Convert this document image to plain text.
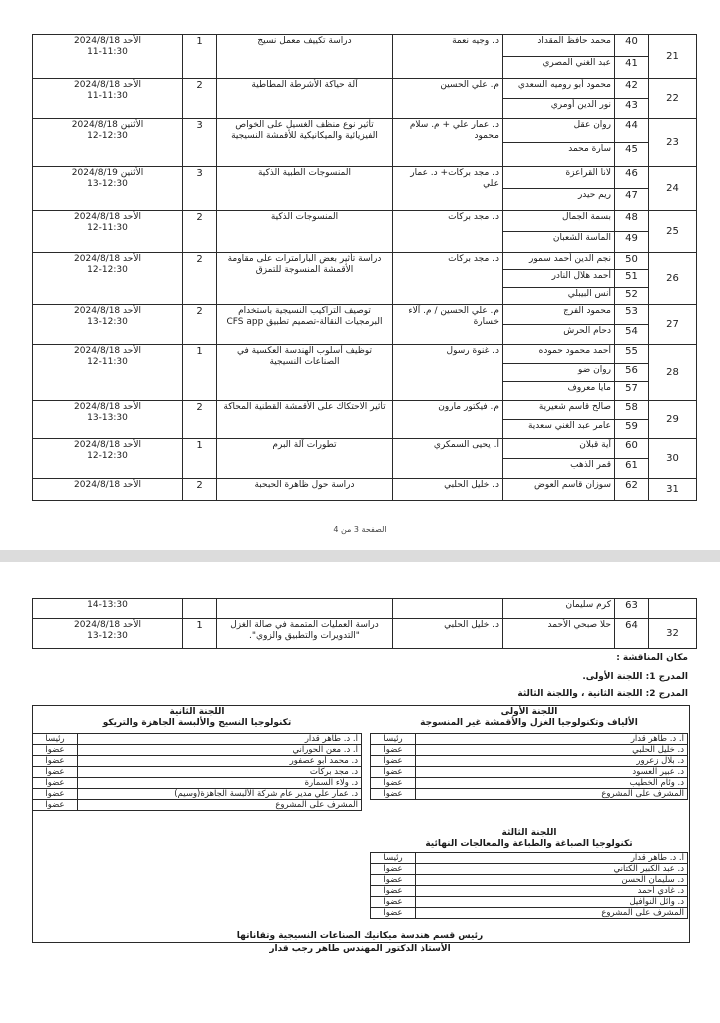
21	40	محمد حافظ المقداد	د. وجيه نعمة	دراسة تكييف معمل نسيج	1	الأحد 2024/8/18
11-11:30

	41	عبد الغني المصري				
22	42	محمود أبو روميه السعدي	م. علي الحسين	آلة حياكة الأشرطة المطاطية	2	الأحد 2024/8/18
11-11:30

	43	نور الدين أومري				
23	44	روان عقل	د. عمار علي + م. سلام محمود	تأثير نوع منظف الغسيل على الخواص الفيزيائية والميكانيكية للأقمشة النسيجية	3	الأثنين 2024/8/18
12-12:30

	45	سارة محمد				
24	46	لانا القراعزة	د. مجد بركات+ د. عمار علي	المنسوجات الطبية الذكية	3	الأثنين 2024/8/19
13-12:30

	47	ريم حيدر				
25	48	بسمة الجمال	د. مجد بركات	المنسوجات الذكية	2	الأحد 2024/8/18
12-11:30

	49	الماسة الشعبان				
26	50	نجم الدين أحمد سمور	د. مجد بركات	دراسة تأثير بعض البارامترات على مقاومة الأقمشة المنسوجة للتمزق	2	الأحد 2024/8/18
12-12:30

	51	أحمد هلال النادر				
	52	أنس البيبلي				
27	53	محمود الفرج	م. علي الحسين / م. آلاء خسارة	توصيف التراكيب النسيجية باستخدام البرمجيات النقالة-تصميم تطبيق CFS app	2	الأحد 2024/8/18
13-12:30

	54	دحام الحرش				
28	55	أحمد محمود حموده	د. غنوة رسول	توظيف أسلوب الهندسة العكسية في الصناعات النسيجية	1	الأحد 2024/8/18
12-11:30

	56	روان ضو				
	57	مايا معروف				
29	58	صالح قاسم شعيرية	م. فيكتور مارون	تأثير الاحتكاك على الأقمشة القطنية المحاكة	2	الأحد 2024/8/18
13-13:30

	59	عامر عبد الغني سعدية				
30	60	آية قبلان	أ. يحيى السمكري	تطورات آلة البرم	1	الأحد 2024/8/18
12-12:30

	61	قمر الذهب				
31	62	سوزان قاسم العوض	د. خليل الحلبي	دراسة حول ظاهرة الحبحبة	2	الأحد 2024/8/18
الصفحة 3 من 4
	63	كرم سليمان				14-13:30

32	64	حلا صبحي الأحمد	د. خليل الحلبي	دراسة العمليات المتممة في صالة الغزل "التدويرات والتطبيق والزوي".	1	الأحد 2024/8/18
13-12:30
مكان المناقشة :
المدرج 1: اللجنة الأولى.
المدرج 2: اللجنة الثانية ، واللجنة الثالثة
اللجنة الأولى
الألياف وتكنولوجيا الغزل والأقمشة غير المنسوجة
اللجنة الثانية
تكنولوجيا النسيج والألبسة الجاهزة والتريكو
أ. د. طاهر قدار	رئيساً
د. خليل الحلبي	عضواً
د. بلال زعرور	عضواً
د. عبير العسود	عضواً
د. وئام الخطيب	عضواً
المشرف على المشروع	عضواً
أ. د. طاهر قدار	رئيساً
أ. د. معن الحوراني	عضواً
د. محمد أبو عصفور	عضواً
د. مجد بركات	عضواً
د. ولاء السمارة	عضواً
د. عمار علي مدير عام شركة الألبسة الجاهزة(وسيم)	عضواً
المشرف على المشروع	عضواً
اللجنة الثالثة
تكنولوجيا الصباغة والطباعة والمعالجات النهائية
أ. د. طاهر قدار	رئيساً
د. عبد الكبير الكتاني	عضواً
د. سليمان الحسن	عضواً
د. غادي أحمد	عضواً
د. وائل النوافيل	عضواً
المشرف على المشروع	عضواً
رئيس قسم هندسة ميكانيك الصناعات النسيجية وتقاناتها
الأستاذ الدكتور المهندس طاهر رجب قدار
